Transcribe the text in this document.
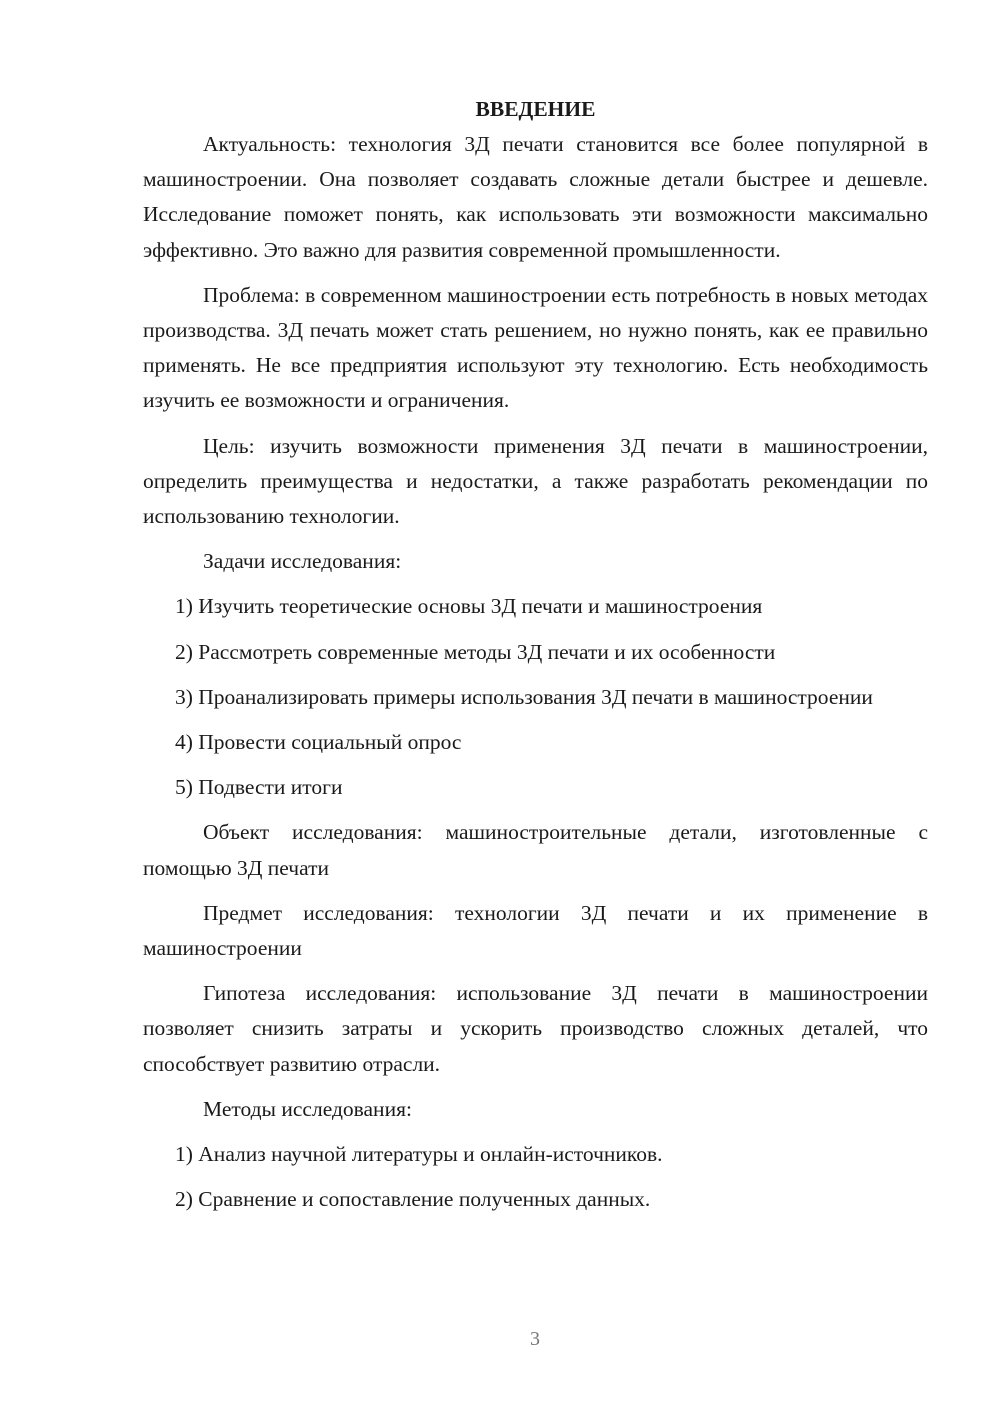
ВВЕДЕНИЕ

Актуальность: технология 3Д печати становится все более популярной в машиностроении. Она позволяет создавать сложные детали быстрее и дешевле. Исследование поможет понять, как использовать эти возможности максимально эффективно. Это важно для развития современной промышленности.

Проблема: в современном машиностроении есть потребность в новых методах производства. 3Д печать может стать решением, но нужно понять, как ее правильно применять. Не все предприятия используют эту технологию. Есть необходимость изучить ее возможности и ограничения.

Цель: изучить возможности применения 3Д печати в машиностроении, определить преимущества и недостатки, а также разработать рекомендации по использованию технологии.

Задачи исследования:

1) Изучить теоретические основы 3Д печати и машиностроения

2) Рассмотреть современные методы 3Д печати и их особенности

3) Проанализировать примеры использования 3Д печати в машиностроении

4) Провести социальный опрос

5) Подвести итоги

Объект исследования: машиностроительные детали, изготовленные с помощью 3Д печати

Предмет исследования: технологии 3Д печати и их применение в машиностроении

Гипотеза исследования: использование 3Д печати в машиностроении позволяет снизить затраты и ускорить производство сложных деталей, что способствует развитию отрасли.

Методы исследования:

1) Анализ научной литературы и онлайн-источников.

2) Сравнение и сопоставление полученных данных.

3
